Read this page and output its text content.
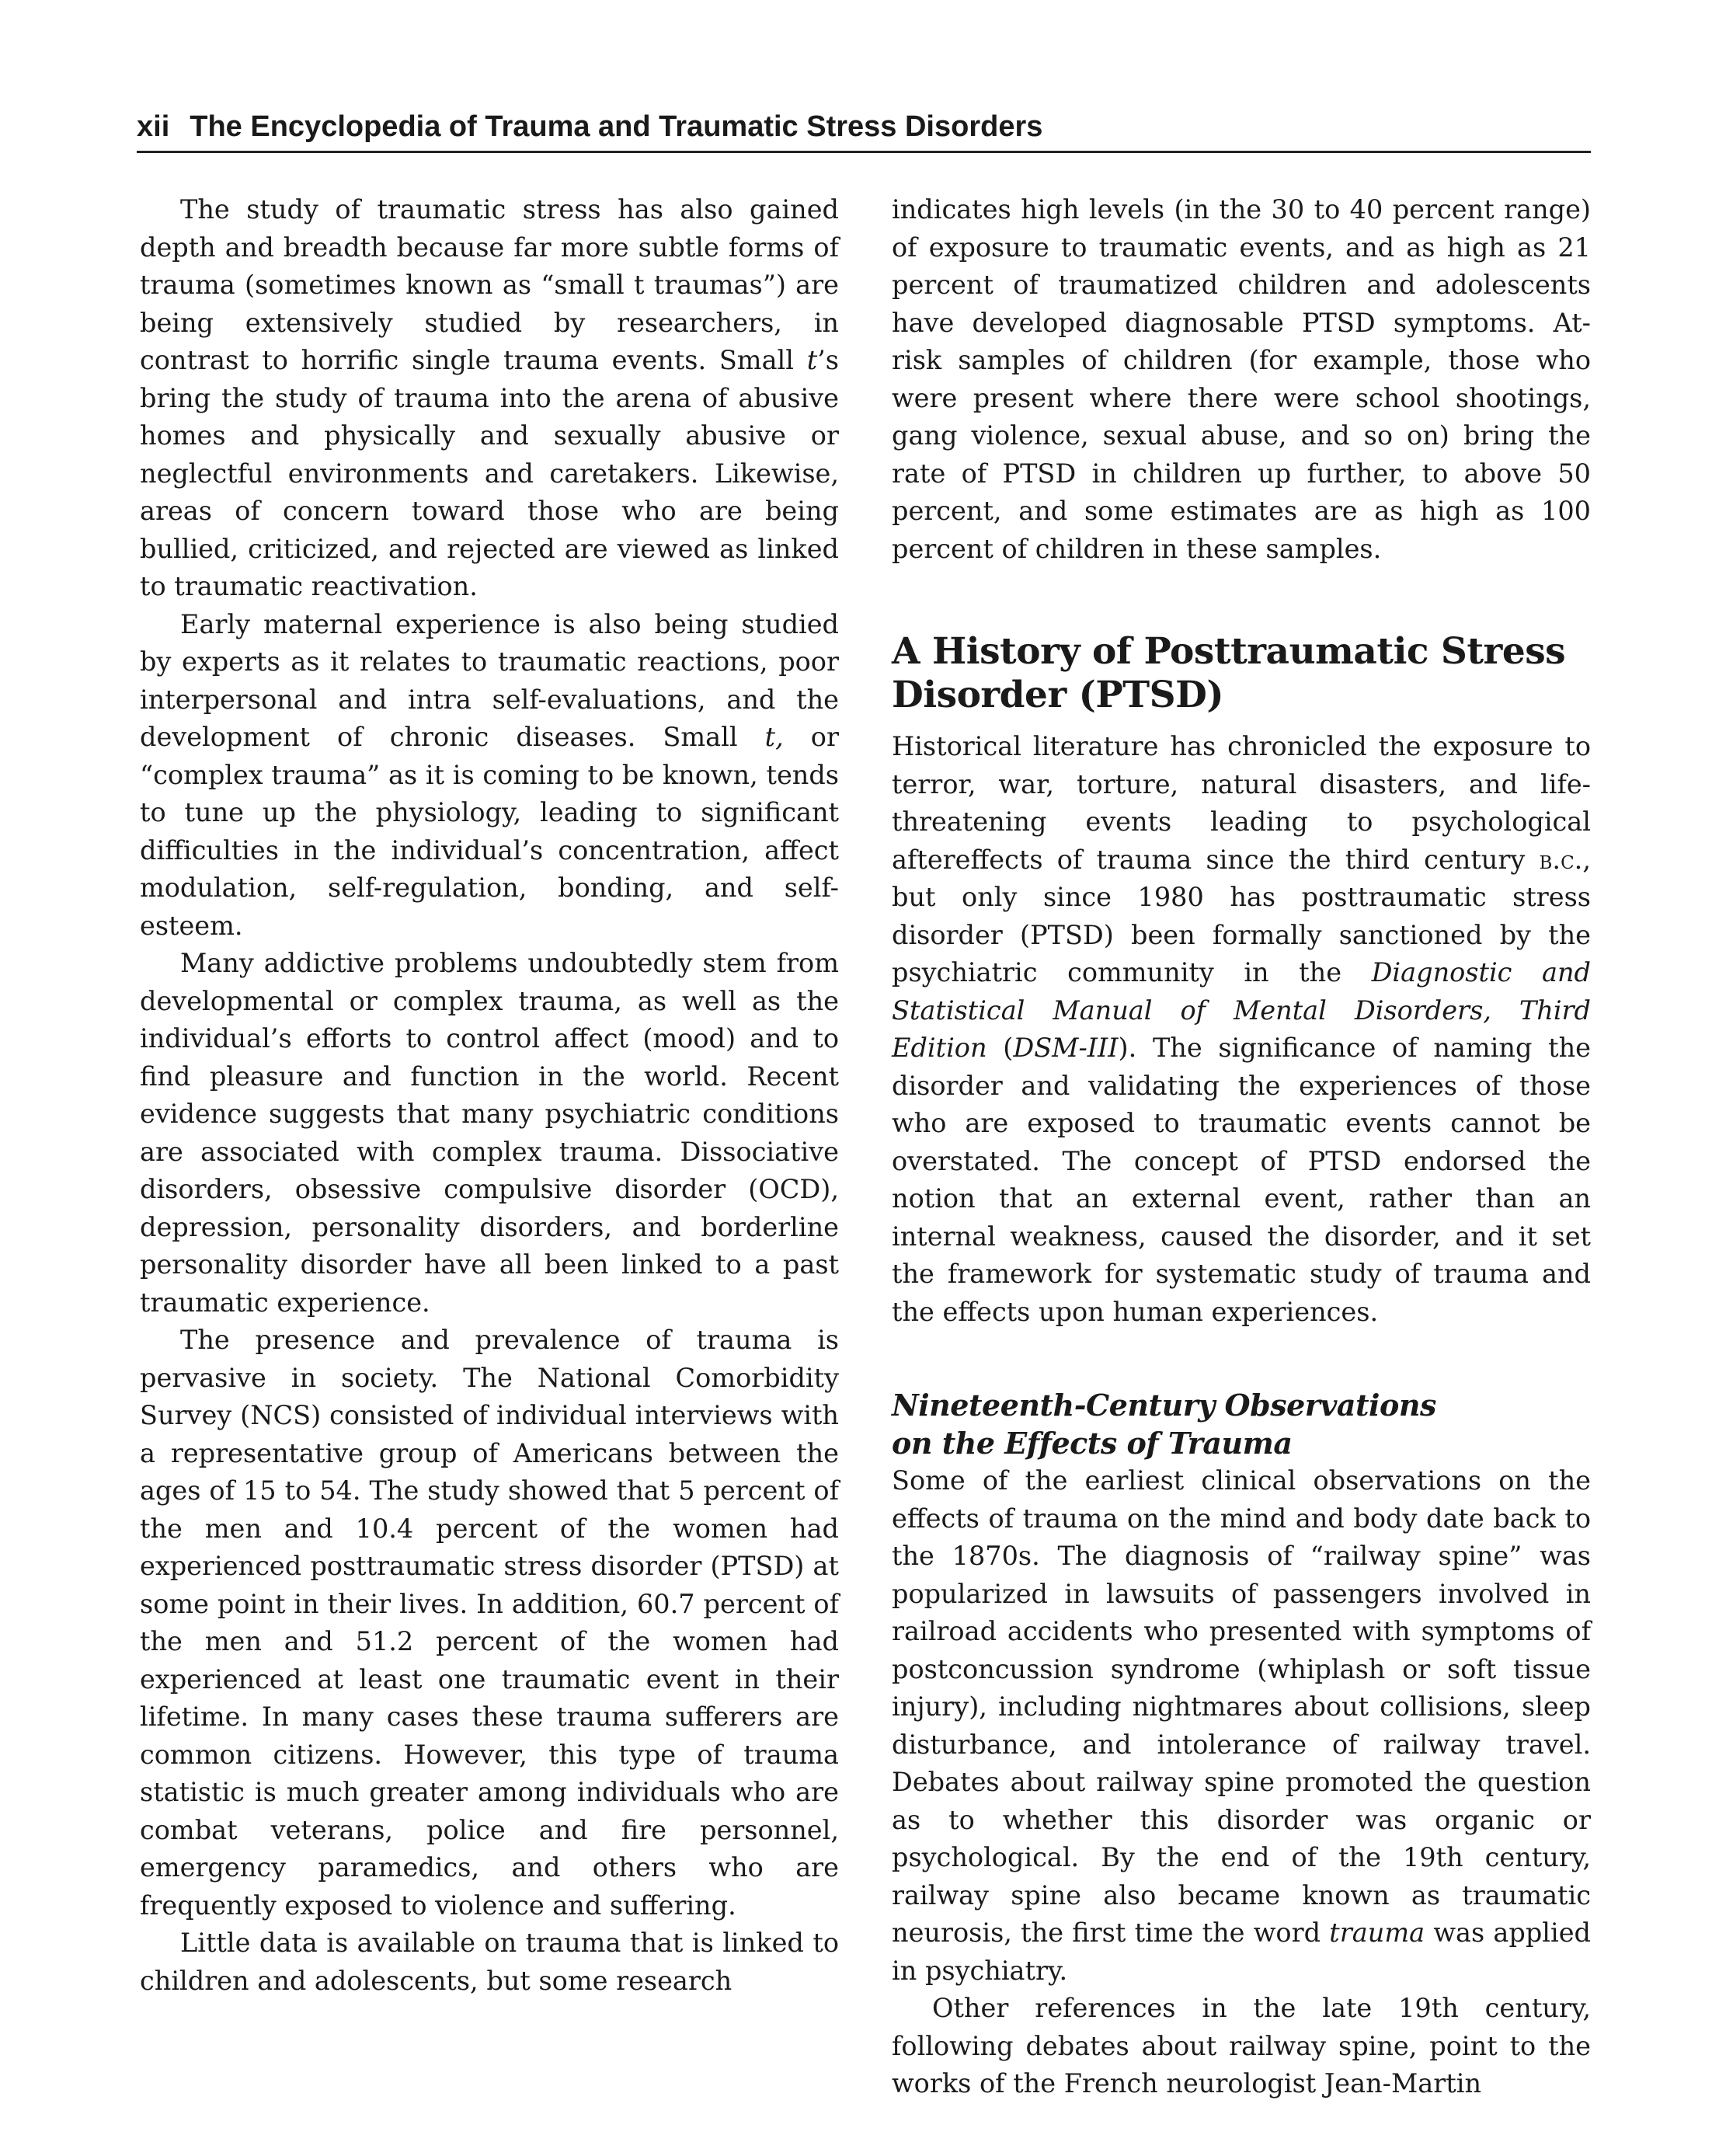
xii The Encyclopedia of Trauma and Traumatic Stress Disorders

The study of traumatic stress has also gained depth and breadth because far more subtle forms of trauma (sometimes known as “small t traumas”) are being extensively studied by researchers, in contrast to horrific single trauma events. Small t’s bring the study of trauma into the arena of abusive homes and physically and sexually abusive or neglectful environments and caretakers. Likewise, areas of concern toward those who are being bullied, criticized, and rejected are viewed as linked to traumatic reactivation.

Early maternal experience is also being studied by experts as it relates to traumatic reactions, poor interpersonal and intra self-evaluations, and the development of chronic diseases. Small t, or “complex trauma” as it is coming to be known, tends to tune up the physiology, leading to significant difficulties in the individual’s concentration, affect modulation, self-regulation, bonding, and self-esteem.

Many addictive problems undoubtedly stem from developmental or complex trauma, as well as the individual’s efforts to control affect (mood) and to find pleasure and function in the world. Recent evidence suggests that many psychiatric conditions are associated with complex trauma. Dissociative disorders, obsessive compulsive disorder (OCD), depression, personality disorders, and borderline personality disorder have all been linked to a past traumatic experience.

The presence and prevalence of trauma is pervasive in society. The National Comorbidity Survey (NCS) consisted of individual interviews with a representative group of Americans between the ages of 15 to 54. The study showed that 5 percent of the men and 10.4 percent of the women had experienced posttraumatic stress disorder (PTSD) at some point in their lives. In addition, 60.7 percent of the men and 51.2 percent of the women had experienced at least one traumatic event in their lifetime. In many cases these trauma sufferers are common citizens. However, this type of trauma statistic is much greater among individuals who are combat veterans, police and fire personnel, emergency paramedics, and others who are frequently exposed to violence and suffering.

Little data is available on trauma that is linked to children and adolescents, but some research

indicates high levels (in the 30 to 40 percent range) of exposure to traumatic events, and as high as 21 percent of traumatized children and adolescents have developed diagnosable PTSD symptoms. At-risk samples of children (for example, those who were present where there were school shootings, gang violence, sexual abuse, and so on) bring the rate of PTSD in children up further, to above 50 percent, and some estimates are as high as 100 percent of children in these samples.

A History of Posttraumatic Stress Disorder (PTSD)

Historical literature has chronicled the exposure to terror, war, torture, natural disasters, and life-threatening events leading to psychological aftereffects of trauma since the third century b.c., but only since 1980 has posttraumatic stress disorder (PTSD) been formally sanctioned by the psychiatric community in the Diagnostic and Statistical Manual of Mental Disorders, Third Edition (DSM-III). The significance of naming the disorder and validating the experiences of those who are exposed to traumatic events cannot be overstated. The concept of PTSD endorsed the notion that an external event, rather than an internal weakness, caused the disorder, and it set the framework for systematic study of trauma and the effects upon human experiences.

Nineteenth-Century Observations
on the Effects of Trauma

Some of the earliest clinical observations on the effects of trauma on the mind and body date back to the 1870s. The diagnosis of “railway spine” was popularized in lawsuits of passengers involved in railroad accidents who presented with symptoms of postconcussion syndrome (whiplash or soft tissue injury), including nightmares about collisions, sleep disturbance, and intolerance of railway travel. Debates about railway spine promoted the question as to whether this disorder was organic or psychological. By the end of the 19th century, railway spine also became known as traumatic neurosis, the first time the word trauma was applied in psychiatry.

Other references in the late 19th century, following debates about railway spine, point to the works of the French neurologist Jean-Martin
